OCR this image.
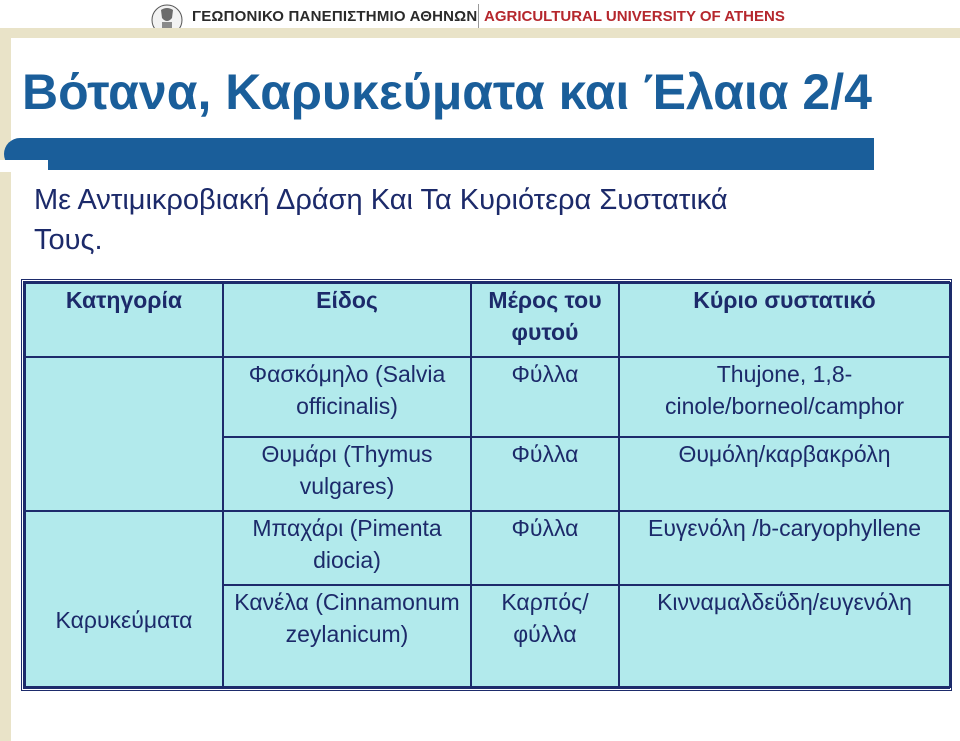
ΓΕΩΠΟΝΙΚΟ ΠΑΝΕΠΙΣΤΗΜΙΟ ΑΘΗΝΩΝ AGRICULTURAL UNIVERSITY OF ATHENS
Βότανα, Καρυκεύματα και Έλαια 2/4
Με Αντιμικροβιακή Δράση Και Τα Κυριότερα Συστατικά Τους.
Κατηγορία	Είδος	Μέρος του φυτού	Κύριο συστατικό
	Φασκόμηλο (Salvia officinalis)	Φύλλα	Thujone, 1,8-cinole/borneol/camphor
	Θυμάρι (Thymus vulgares)	Φύλλα	Θυμόλη/καρβακρόλη
Καρυκεύματα	Μπαχάρι (Pimenta diocia)	Φύλλα	Ευγενόλη /b-caryophyllene
	Κανέλα (Cinnamonum zeylanicum)	Καρπός/ φύλλα	Κινναμαλδεΰδη/ευγενόλη
